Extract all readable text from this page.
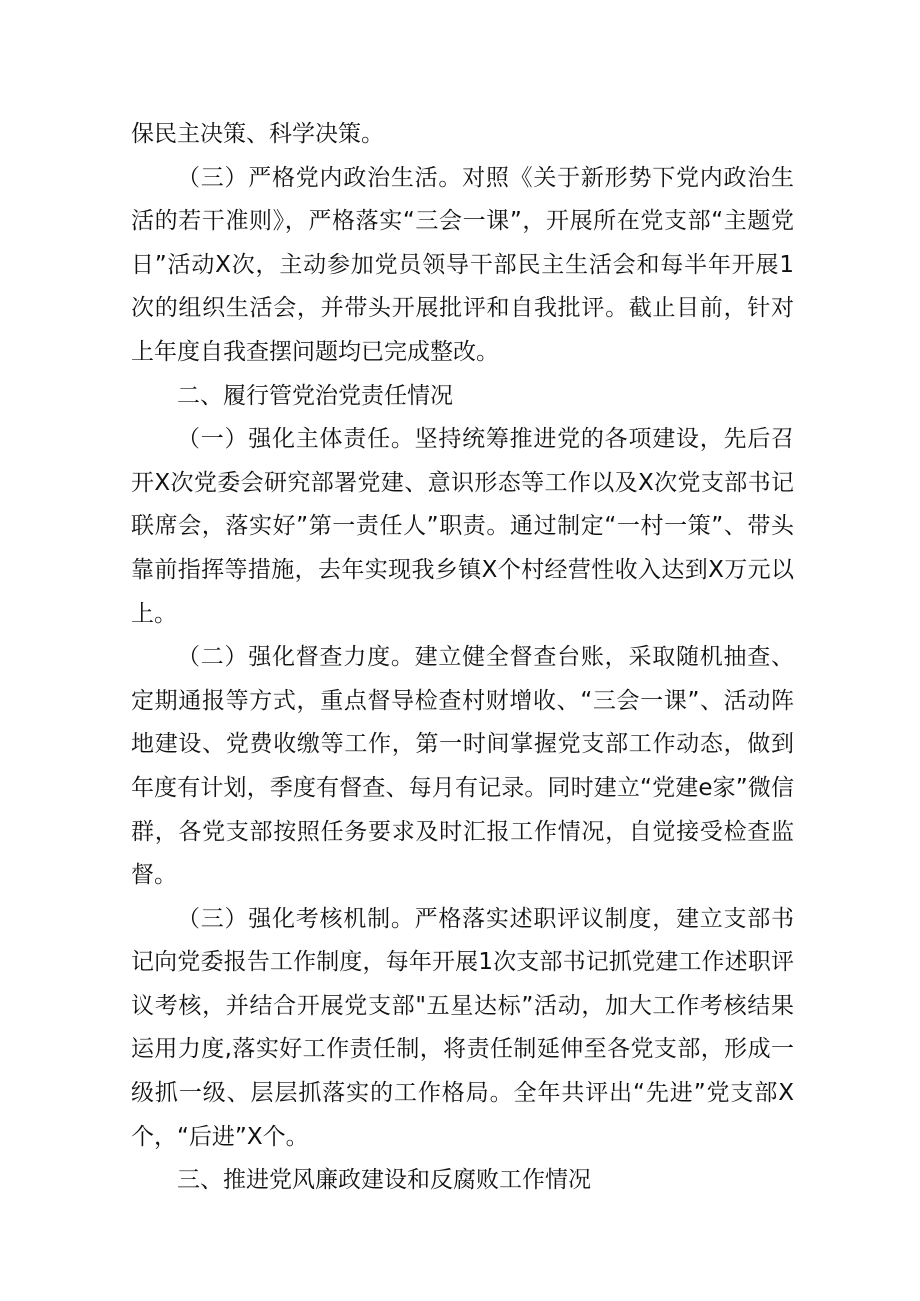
保民主决策、科学决策。

（三）严格党内政治生活。对照《关于新形势下党内政治生活的若干准则》，严格落实“三会一课”，开展所在党支部“主题党日”活动X次，主动参加党员领导干部民主生活会和每半年开展1次的组织生活会，并带头开展批评和自我批评。截止目前，针对上年度自我查摆问题均已完成整改。

二、履行管党治党责任情况

（一）强化主体责任。坚持统筹推进党的各项建设，先后召开X次党委会研究部署党建、意识形态等工作以及X次党支部书记联席会，落实好”第一责任人”职责。通过制定“一村一策”、带头靠前指挥等措施，去年实现我乡镇X个村经营性收入达到X万元以上。

（二）强化督查力度。建立健全督查台账，采取随机抽查、定期通报等方式，重点督导检查村财增收、“三会一课”、活动阵地建设、党费收缴等工作，第一时间掌握党支部工作动态，做到年度有计划，季度有督查、每月有记录。同时建立“党建e家”微信群，各党支部按照任务要求及时汇报工作情况，自觉接受检查监督。

（三）强化考核机制。严格落实述职评议制度，建立支部书记向党委报告工作制度，每年开展1次支部书记抓党建工作述职评议考核，并结合开展党支部"五星达标”活动，加大工作考核结果运用力度,落实好工作责任制，将责任制延伸至各党支部，形成一级抓一级、层层抓落实的工作格局。全年共评出“先进”党支部X个，“后进”X个。

三、推进党风廉政建设和反腐败工作情况
